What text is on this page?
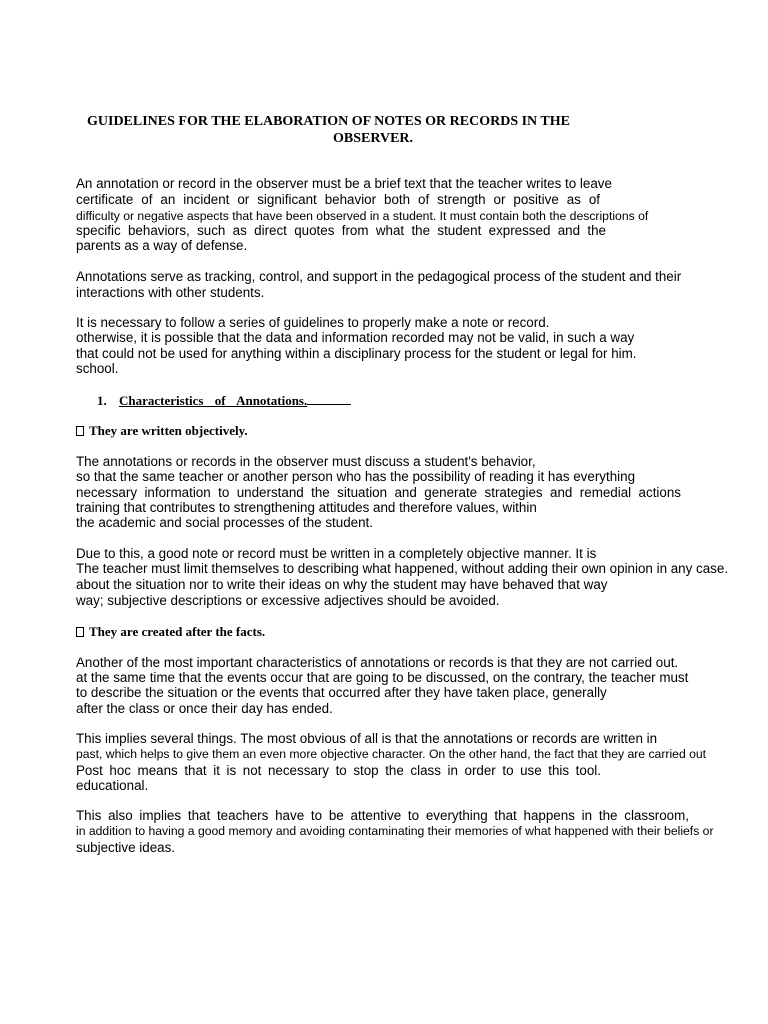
GUIDELINES FOR THE ELABORATION OF NOTES OR RECORDS IN THE
OBSERVER.
An annotation or record in the observer must be a brief text that the teacher writes to leave
certificate of an incident or significant behavior both of strength or positive as of
difficulty or negative aspects that have been observed in a student. It must contain both the descriptions of
specific behaviors, such as direct quotes from what the student expressed and the
parents as a way of defense.
Annotations serve as tracking, control, and support in the pedagogical process of the student and their
interactions with other students.
It is necessary to follow a series of guidelines to properly make a note or record.
otherwise, it is possible that the data and information recorded may not be valid, in such a way
that could not be used for anything within a disciplinary process for the student or legal for him.
school.
1. Characteristics of Annotations.
They are written objectively.
The annotations or records in the observer must discuss a student's behavior,
so that the same teacher or another person who has the possibility of reading it has everything
necessary information to understand the situation and generate strategies and remedial actions
training that contributes to strengthening attitudes and therefore values, within
the academic and social processes of the student.
Due to this, a good note or record must be written in a completely objective manner. It is
The teacher must limit themselves to describing what happened, without adding their own opinion in any case.
about the situation nor to write their ideas on why the student may have behaved that way
way; subjective descriptions or excessive adjectives should be avoided.
They are created after the facts.
Another of the most important characteristics of annotations or records is that they are not carried out.
at the same time that the events occur that are going to be discussed, on the contrary, the teacher must
to describe the situation or the events that occurred after they have taken place, generally
after the class or once their day has ended.
This implies several things. The most obvious of all is that the annotations or records are written in
past, which helps to give them an even more objective character. On the other hand, the fact that they are carried out
Post hoc means that it is not necessary to stop the class in order to use this tool.
educational.
This also implies that teachers have to be attentive to everything that happens in the classroom,
in addition to having a good memory and avoiding contaminating their memories of what happened with their beliefs or
subjective ideas.
